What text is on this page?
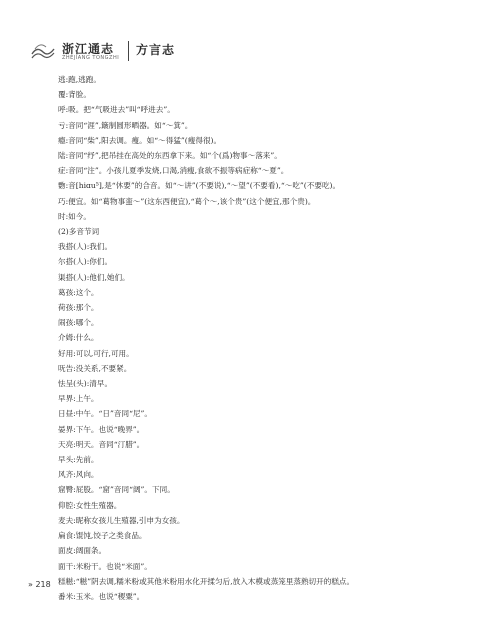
浙江通志
ZHEJIANG TONGZHI
方言志

逃:跑,逃跑。

覆:背脸。

呼:吸。把“气吸进去”叫“呼进去”。

亏:音同“涯”,簸制圆形晒器。如“～箕”。

瘾:音同“柴”,阳去调。瘦。如“～得猛”(瘦得很)。

陆:音同“纾”,把吊挂在高处的东西拿下来。如“个(爲)物事～落来”。

症:音同“注”。小孩儿夏季发烧,口渴,消瘦,食欲不振等病症称“～夏”。

覅:音[hiɑu⁵],是“休要”的合音。如“～讲”(不要说),“～望”(不要看),“～吃”(不要吃)。

巧:便宜。如“葛物事蛮～”(这东西便宜),“葛个～,该个贵”(这个便宜,那个贵)。

时:如今。

(2)多音节词

我搭(人):我们。

尔搭(人):你们。

渠搭(人):他们,她们。

葛孩:这个。

荷孩:那个。

闹孩:哪个。

介姆:什么。

好用:可以,可行,可用。

呒告:没关系,不要紧。

怯呈(头):清早。

早界:上午。

日昼:中午。“日”音同“尼”。

晏界:下午。也说“晚界”。

天亮:明天。音同“汀腊”。

早头:先前。

风齐:风向。

窟臀:屁股。“窟”音同“阔”。下同。

仰腔:女性生殖器。

麦夫:昵称女孩儿生殖器,引申为女孩。

扁食:馄饨,饺子之类食品。

面皮:阔面条。

面干:米粉干。也说“米面”。

糕糍:“糍”阴去调,糯米粉或其他米粉用水化开揉匀后,放入木模或蒸笼里蒸熟切开的糕点。

番米:玉米。也说“稷粟”。

» 218
